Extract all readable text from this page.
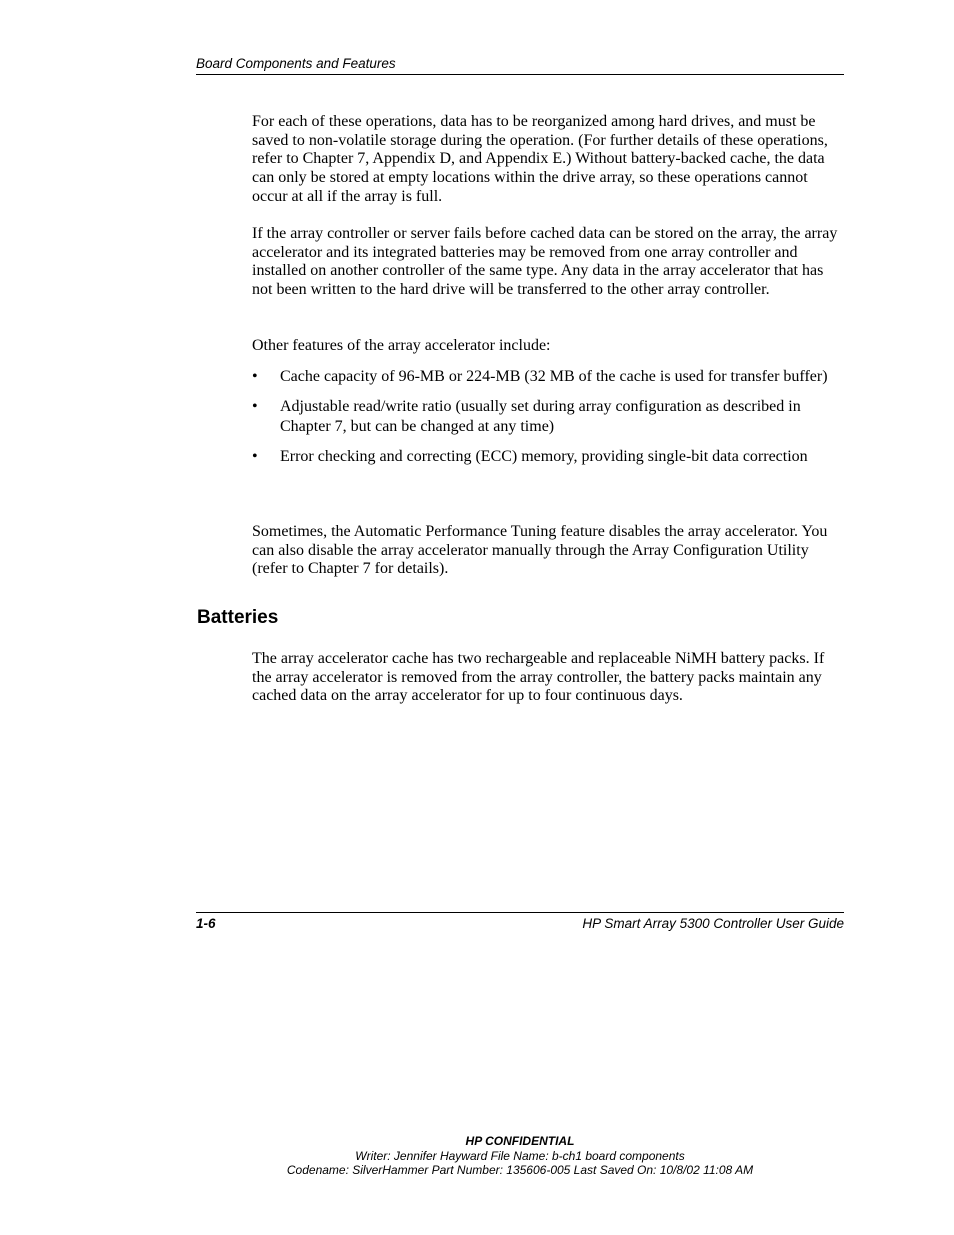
Board Components and Features

For each of these operations, data has to be reorganized among hard drives, and must be saved to non-volatile storage during the operation. (For further details of these operations, refer to Chapter 7, Appendix D, and Appendix E.) Without battery-backed cache, the data can only be stored at empty locations within the drive array, so these operations cannot occur at all if the array is full.

If the array controller or server fails before cached data can be stored on the array, the array accelerator and its integrated batteries may be removed from one array controller and installed on another controller of the same type. Any data in the array accelerator that has not been written to the hard drive will be transferred to the other array controller.

Other features of the array accelerator include:

• Cache capacity of 96-MB or 224-MB (32 MB of the cache is used for transfer buffer)
• Adjustable read/write ratio (usually set during array configuration as described in Chapter 7, but can be changed at any time)
• Error checking and correcting (ECC) memory, providing single-bit data correction

Sometimes, the Automatic Performance Tuning feature disables the array accelerator. You can also disable the array accelerator manually through the Array Configuration Utility (refer to Chapter 7 for details).

Batteries

The array accelerator cache has two rechargeable and replaceable NiMH battery packs. If the array accelerator is removed from the array controller, the battery packs maintain any cached data on the array accelerator for up to four continuous days.

1-6	HP Smart Array 5300 Controller User Guide
HP CONFIDENTIAL
Writer: Jennifer Hayward File Name: b-ch1 board components
Codename: SilverHammer Part Number: 135606-005 Last Saved On: 10/8/02 11:08 AM
